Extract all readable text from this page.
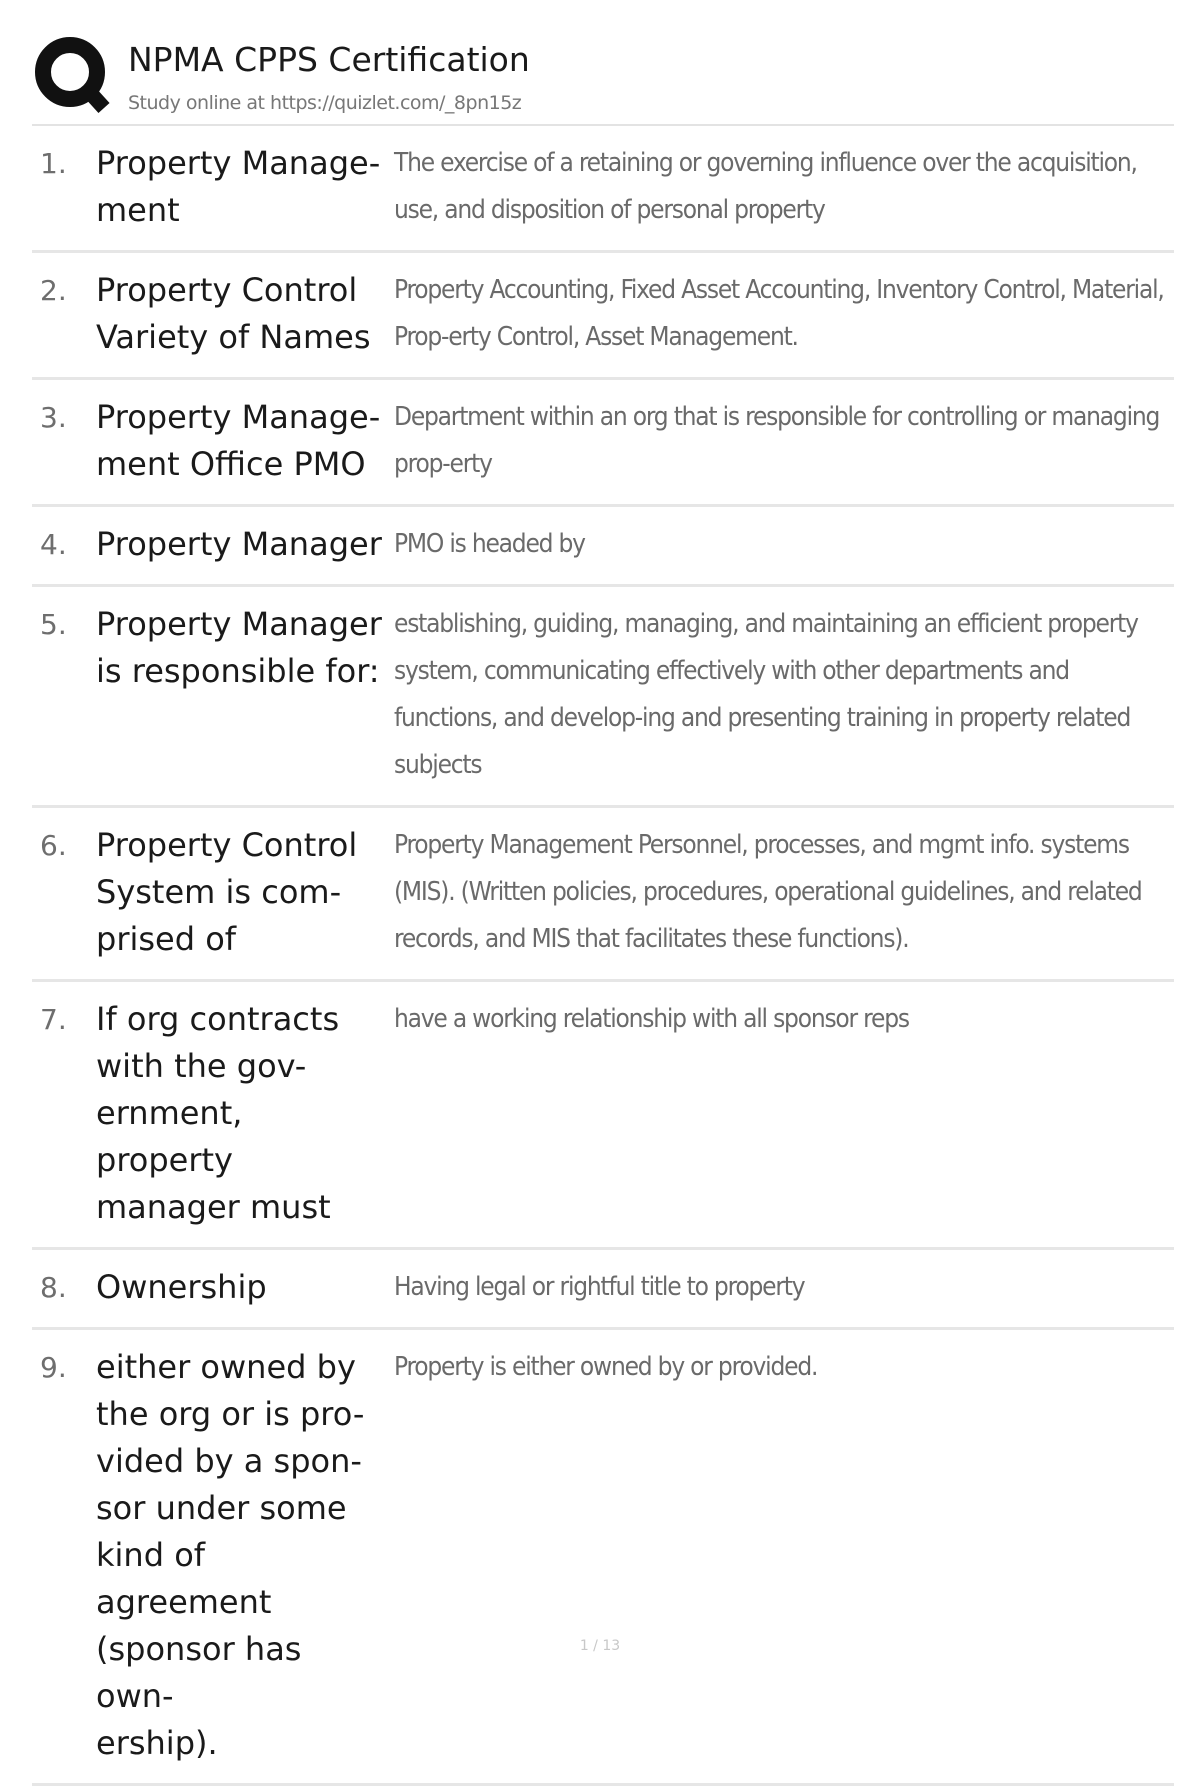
NPMA CPPS Certification
Study online at https://quizlet.com/_8pn15z
1. Property Manage-
ment
The exercise of a retaining or governing influence over the acquisition, use, and disposition of personal property
2. Property Control
Variety of Names
Property Accounting, Fixed Asset Accounting, Inventory Control, Material, Prop-erty Control, Asset Management.
3. Property Manage-
ment Office PMO
Department within an org that is responsible for controlling or managing prop-erty
4. Property Manager PMO is headed by
5. Property Manager
is responsible for:
establishing, guiding, managing, and maintaining an efficient property system, communicating effectively with other departments and functions, and develop-ing and presenting training in property related subjects
6. Property Control
System is com-
prised of
Property Management Personnel, processes, and mgmt info. systems (MIS). (Written policies, procedures, operational guidelines, and related records, and MIS that facilitates these functions).
7. If org contracts
with the gov-
ernment, property
manager must
have a working relationship with all sponsor reps
8. Ownership	Having legal or rightful title to property
9. either owned by
the org or is pro-
vided by a spon-
sor under some
kind of agreement
(sponsor has own-
ership).
Property is either owned by or provided.
1 / 13
